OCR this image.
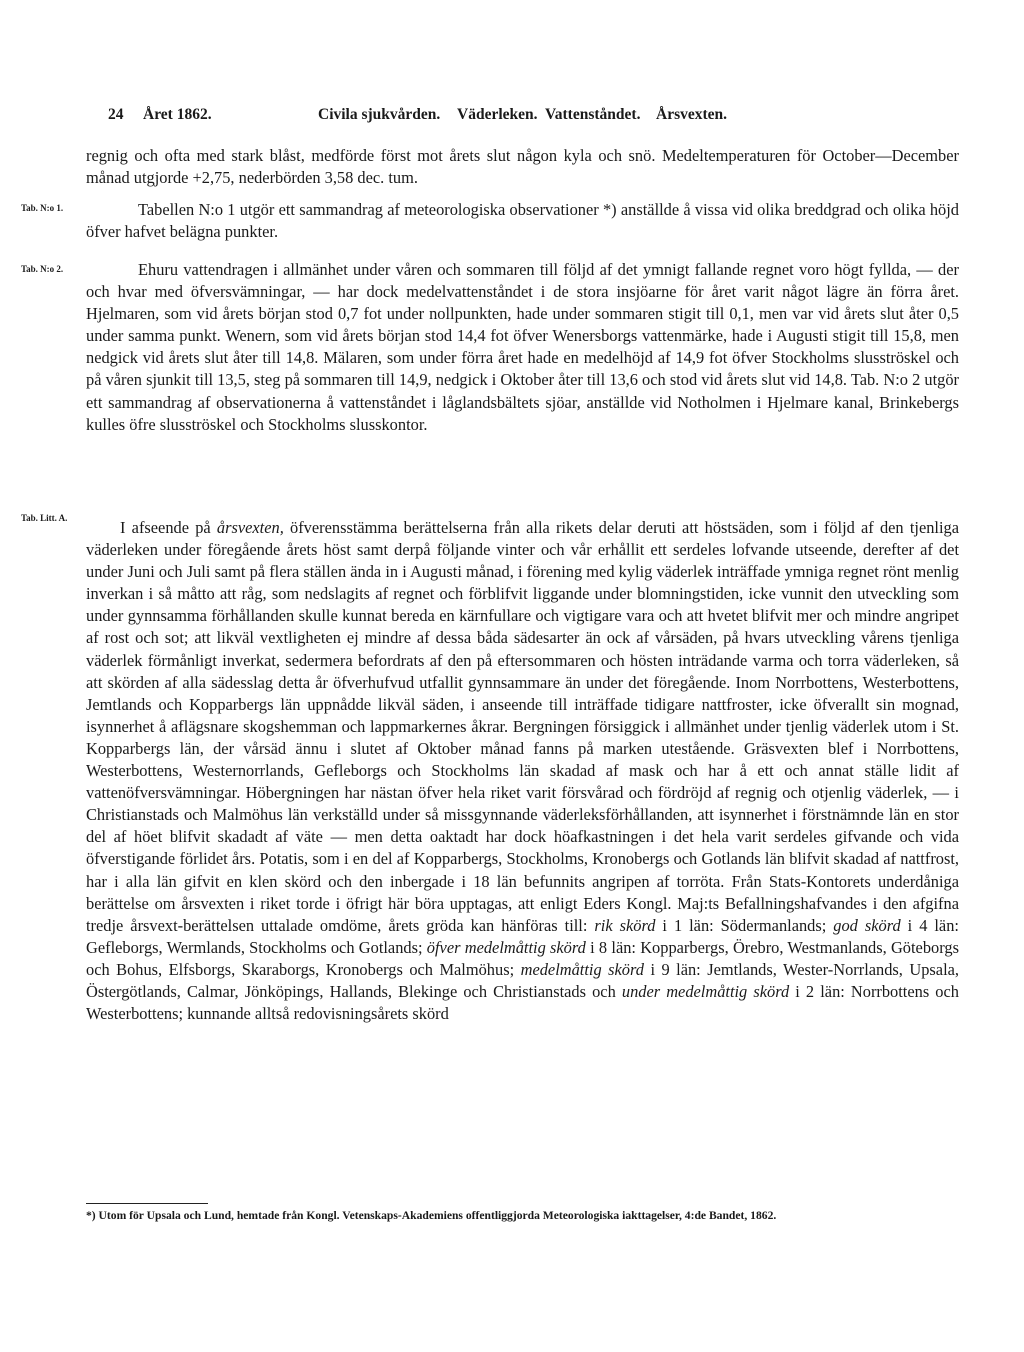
24 Året 1862.	Civila sjukvården. Väderleken. Vattenståndet. Årsvexten.
Tab. N:o 1.
Tab. N:o 2.
Tab. Litt. A.

regnig och ofta med stark blåst, medförde först mot årets slut någon kyla och snö. Medeltemperaturen för October—December månad utgjorde +2,75, nederbörden 3,58 dec. tum.

Tabellen N:o 1 utgör ett sammandrag af meteorologiska observationer *) anställde å vissa vid olika breddgrad och olika höjd öfver hafvet belägna punkter.

Ehuru vattendragen i allmänhet under våren och sommaren till följd af det ymnigt fallande regnet voro högt fyllda, — der och hvar med öfversvämningar, — har dock medelvattenståndet i de stora insjöarne för året varit något lägre än förra året. Hjelmaren, som vid årets början stod 0,7 fot under nollpunkten, hade under sommaren stigit till 0,1, men var vid årets slut åter 0,5 under samma punkt. Wenern, som vid årets början stod 14,4 fot öfver Wenersborgs vattenmärke, hade i Augusti stigit till 15,8, men nedgick vid årets slut åter till 14,8. Mälaren, som under förra året hade en medelhöjd af 14,9 fot öfver Stockholms slusströskel och på våren sjunkit till 13,5, steg på sommaren till 14,9, nedgick i Oktober åter till 13,6 och stod vid årets slut vid 14,8. Tab. N:o 2 utgör ett sammandrag af observationerna å vattenståndet i låglandsbältets sjöar, anställde vid Notholmen i Hjelmare kanal, Brinkebergs kulles öfre slusströskel och Stockholms slusskontor.

I afseende på årsvexten, öfverensstämma berättelserna från alla rikets delar deruti att höstsäden, som i följd af den tjenliga väderleken under föregående årets höst samt derpå följande vinter och vår erhållit ett serdeles lofvande utseende, derefter af det under Juni och Juli samt på flera ställen ända in i Augusti månad, i förening med kylig väderlek inträffade ymniga regnet rönt menlig inverkan i så måtto att råg, som nedslagits af regnet och förblifvit liggande under blomningstiden, icke vunnit den utveckling som under gynnsamma förhållanden skulle kunnat bereda en kärnfullare och vigtigare vara och att hvetet blifvit mer och mindre angripet af rost och sot; att likväl vextligheten ej mindre af dessa båda sädesarter än ock af vårsäden, på hvars utveckling vårens tjenliga väderlek förmånligt inverkat, sedermera befordrats af den på eftersommaren och hösten inträdande varma och torra väderleken, så att skörden af alla sädesslag detta år öfverhufvud utfallit gynnsammare än under det föregående. Inom Norrbottens, Westerbottens, Jemtlands och Kopparbergs län uppnådde likväl säden, i anseende till inträffade tidigare nattfroster, icke öfverallt sin mognad, isynnerhet å aflägsnare skogshemman och lappmarkernes åkrar. Bergningen försiggick i allmänhet under tjenlig väderlek utom i St. Kopparbergs län, der vårsäd ännu i slutet af Oktober månad fanns på marken utestående. Gräsvexten blef i Norrbottens, Westerbottens, Westernorrlands, Gefleborgs och Stockholms län skadad af mask och har å ett och annat ställe lidit af vattenöfversvämningar. Höbergningen har nästan öfver hela riket varit försvårad och fördröjd af regnig och otjenlig väderlek, — i Christianstads och Malmöhus län verkställd under så missgynnande väderleksförhållanden, att isynnerhet i förstnämnde län en stor del af höet blifvit skadadt af väte — men detta oaktadt har dock höafkastningen i det hela varit serdeles gifvande och vida öfverstigande förlidet års. Potatis, som i en del af Kopparbergs, Stockholms, Kronobergs och Gotlands län blifvit skadad af nattfrost, har i alla län gifvit en klen skörd och den inbergade i 18 län befunnits angripen af torröta. Från Stats-Kontorets underdåniga berättelse om årsvexten i riket torde i öfrigt här böra upptagas, att enligt Eders Kongl. Maj:ts Befallningshafvandes i den afgifna tredje årsvext-berättelsen uttalade omdöme, årets gröda kan hänföras till: rik skörd i 1 län: Södermanlands; god skörd i 4 län: Gefleborgs, Wermlands, Stockholms och Gotlands; öfver medelmåttig skörd i 8 län: Kopparbergs, Örebro, Westmanlands, Göteborgs och Bohus, Elfsborgs, Skaraborgs, Kronobergs och Malmöhus; medelmåttig skörd i 9 län: Jemtlands, Wester-Norrlands, Upsala, Östergötlands, Calmar, Jönköpings, Hallands, Blekinge och Christianstads och under medelmåttig skörd i 2 län: Norrbottens och Westerbottens; kunnande alltså redovisningsårets skörd

*) Utom för Upsala och Lund, hemtade från Kongl. Vetenskaps-Akademiens offentliggjorda Meteorologiska iakttagelser, 4:de Bandet, 1862.
